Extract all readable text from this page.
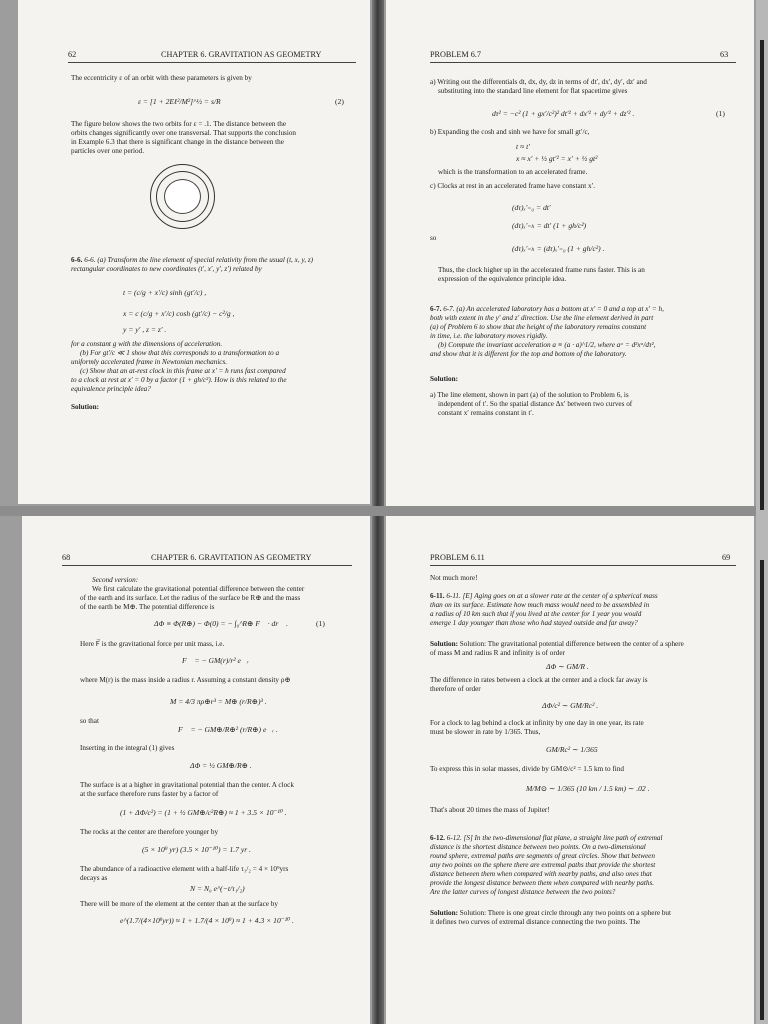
62	CHAPTER 6. GRAVITATION AS GEOMETRY
The eccentricity ε of an orbit with these parameters is given by
ε = [1 + 2Eℓ²/M²]^½ = s/R	(2)
The figure below shows the two orbits for ε = .1. The distance between the
orbits changes significantly over one transversal. That supports the conclusion
in Example 6.3 that there is significant change in the distance between the
particles over one period.
6-6. 6-6. (a) Transform the line element of special relativity from the usual (t, x, y, z)
rectangular coordinates to new coordinates (t′, x′, y′, z′) related by
t = (c/g + x′/c) sinh (gt′/c) ,
x = c (c/g + x′/c) cosh (gt′/c) − c²/g ,
y = y′ , z = z′ .
for a constant g with the dimensions of acceleration.
(b) For gt′/c ≪ 1 show that this corresponds to a transformation to a
uniformly accelerated frame in Newtonian mechanics.
(c) Show that an at-rest clock in this frame at x′ = h runs fast compared
to a clock at rest at x′ = 0 by a factor (1 + gh/c²). How is this related to the
equivalence principle idea?
Solution:
PROBLEM 6.7	63
a) Writing out the differentials dt, dx, dy, dz in terms of dt′, dx′, dy′, dz′ and
substituting into the standard line element for flat spacetime gives
dτ² = −c² (1 + gx′/c²)² dt′² + dx′² + dy′² + dz′² .	(1)
b) Expanding the cosh and sinh we have for small gt′/c,
t ≈ t′
x ≈ x′ + ½ gt′² = x′ + ½ gt²
which is the transformation to an accelerated frame.
c) Clocks at rest in an accelerated frame have constant x′.
(dτ)ₓ′₌₀ = dt′
(dτ)ₓ′₌ₕ = dt′ (1 + gh/c²)
so
(dτ)ₓ′₌ₕ = (dτ)ₓ′₌₀ (1 + gh/c²) .
Thus, the clock higher up in the accelerated frame runs faster. This is an
expression of the equivalence principle idea.
6-7. 6-7. (a) An accelerated laboratory has a bottom at x′ = 0 and a top at x′ = h,
both with extent in the y′ and z′ direction. Use the line element derived in part
(a) of Problem 6 to show that the height of the laboratory remains constant
in time, i.e. the laboratory moves rigidly.
(b) Compute the invariant acceleration a ≡ (a · a)^1/2, where aᵅ = d²xᵅ/dτ²,
and show that it is different for the top and bottom of the laboratory.
Solution:
a) The line element, shown in part (a) of the solution to Problem 6, is
independent of t′. So the spatial distance Δx′ between two curves of
constant x′ remains constant in t′.
68	CHAPTER 6. GRAVITATION AS GEOMETRY
Second version:
We first calculate the gravitational potential difference between the center
of the earth and its surface. Let the radius of the surface be R⊕ and the mass
of the earth be M⊕. The potential difference is
ΔΦ ≡ Φ(R⊕) − Φ(0) = − ∫₀^R⊕ F⃗ · dr⃗ .	(1)
Here F⃗ is the gravitational force per unit mass, i.e.
F⃗ = − GM(r)/r² e⃗ᵣ
where M(r) is the mass inside a radius r. Assuming a constant density ρ⊕
M = 4/3 πρ⊕r³ = M⊕ (r/R⊕)³ .
so that
F⃗ = − GM⊕/R⊕² (r/R⊕) e⃗ᵣ .
Inserting in the integral (1) gives
ΔΦ = ½ GM⊕/R⊕ .
The surface is at a higher in gravitational potential than the center. A clock
at the surface therefore runs faster by a factor of
(1 + ΔΦ/c²) = (1 + ½ GM⊕/c²R⊕) ≈ 1 + 3.5 × 10⁻¹⁰ .
The rocks at the center are therefore younger by
(5 × 10⁹ yr) (3.5 × 10⁻¹⁰) = 1.7 yr .
The abundance of a radioactive element with a half-life τ₁/₂ = 4 × 10⁹yrs
decays as
N = N₀ e^(−t/τ₁/₂)
There will be more of the element at the center than at the surface by
e^(1.7/(4×10⁹yr)) ≈ 1 + 1.7/(4 × 10⁹) ≈ 1 + 4.3 × 10⁻¹⁰ .
PROBLEM 6.11	69
Not much more!
6-11. 6-11. [E] Aging goes on at a slower rate at the center of a spherical mass
than on its surface. Estimate how much mass would need to be assembled in
a radius of 10 km such that if you lived at the center for 1 year you would
emerge 1 day younger than those who had stayed outside and far away?
Solution: Solution: The gravitational potential difference between the center of a sphere
of mass M and radius R and infinity is of order
ΔΦ ∼ GM/R .
The difference in rates between a clock at the center and a clock far away is
therefore of order
ΔΦ/c² ∼ GM/Rc² .
For a clock to lag behind a clock at infinity by one day in one year, its rate
must be slower in rate by 1/365. Thus,
GM/Rc² ∼ 1/365
To express this in solar masses, divide by GM⊙/c² = 1.5 km to find
M/M⊙ ∼ 1/365 (10 km / 1.5 km) ∼ .02 .
That's about 20 times the mass of Jupiter!
6-12. 6-12. [S] In the two-dimensional flat plane, a straight line path of extremal
distance is the shortest distance between two points. On a two-dimensional
round sphere, extremal paths are segments of great circles. Show that between
any two points on the sphere there are extremal paths that provide the shortest
distance between them when compared with nearby paths, and also ones that
provide the longest distance between them when compared with nearby paths.
Are the latter curves of longest distance between the two points?
Solution: Solution: There is one great circle through any two points on a sphere but
it defines two curves of extremal distance connecting the two points. The
